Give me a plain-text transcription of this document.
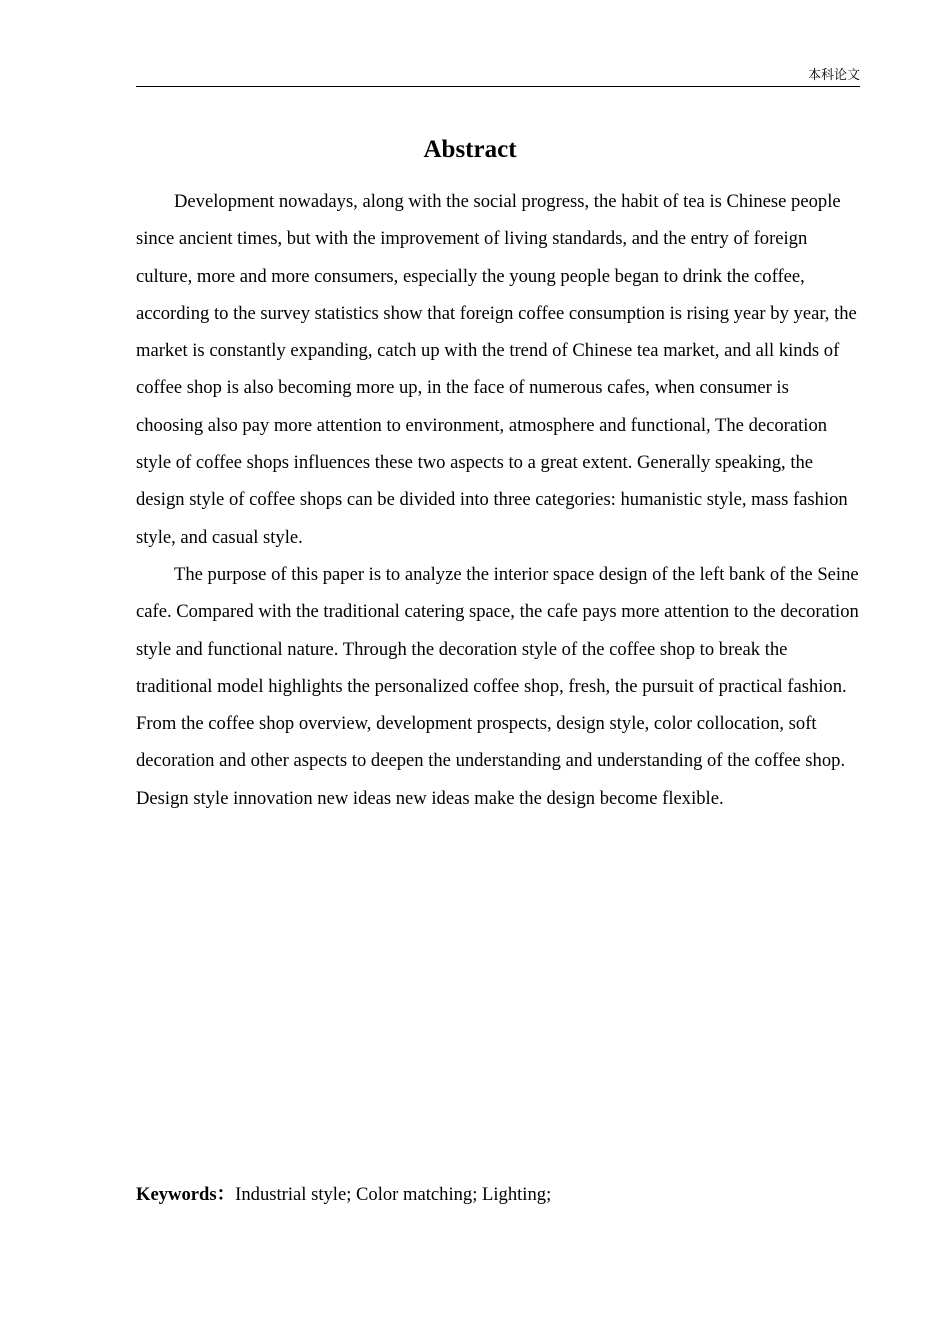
本科论文
Abstract

Development nowadays, along with the social progress, the habit of tea is Chinese people since ancient times, but with the improvement of living standards, and the entry of foreign culture, more and more consumers, especially the young people began to drink the coffee, according to the survey statistics show that foreign coffee consumption is rising year by year, the market is constantly expanding, catch up with the trend of Chinese tea market, and all kinds of coffee shop is also becoming more up, in the face of numerous cafes, when consumer is choosing also pay more attention to environment, atmosphere and functional, The decoration style of coffee shops influences these two aspects to a great extent. Generally speaking, the design style of coffee shops can be divided into three categories: humanistic style, mass fashion style, and casual style.

The purpose of this paper is to analyze the interior space design of the left bank of the Seine cafe. Compared with the traditional catering space, the cafe pays more attention to the decoration style and functional nature. Through the decoration style of the coffee shop to break the traditional model highlights the personalized coffee shop, fresh, the pursuit of practical fashion. From the coffee shop overview, development prospects, design style, color collocation, soft decoration and other aspects to deepen the understanding and understanding of the coffee shop. Design style innovation new ideas new ideas make the design become flexible.

Keywords：Industrial style; Color matching; Lighting;
